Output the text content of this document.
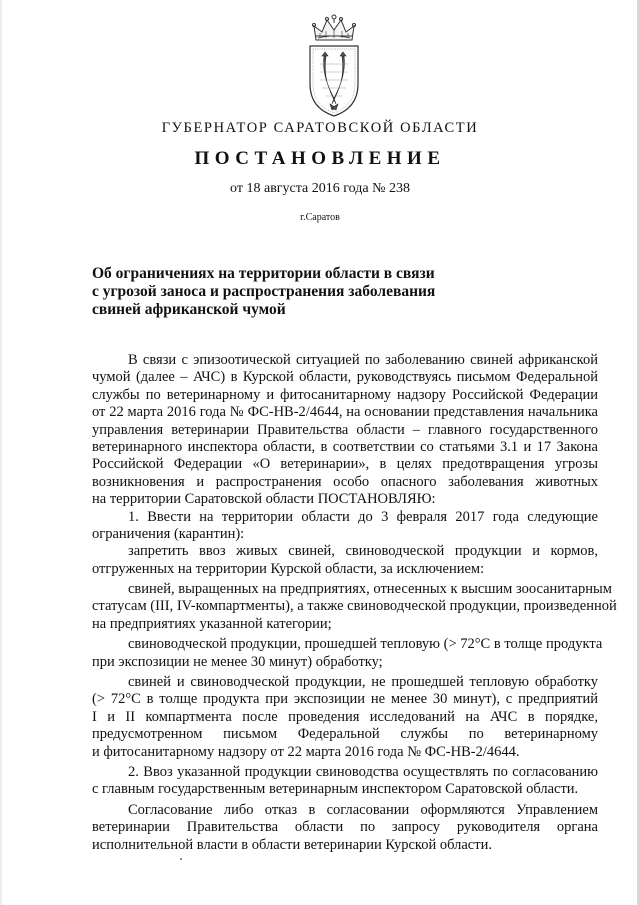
ГУБЕРНАТОР САРАТОВСКОЙ ОБЛАСТИ
ПОСТАНОВЛЕНИЕ
от 18 августа 2016 года № 238
г.Саратов
Об ограничениях на территории области в связи
с угрозой заноса и распространения заболевания
свиней африканской чумой
В связи с эпизоотической ситуацией по заболеванию свиней африканской
чумой (далее – АЧС) в Курской области, руководствуясь письмом Федеральной
службы по ветеринарному и фитосанитарному надзору Российской Федерации
от 22 марта 2016 года № ФС-НВ-2/4644, на основании представления начальника
управления ветеринарии Правительства области – главного государственного
ветеринарного инспектора области, в соответствии со статьями 3.1 и 17 Закона
Российской Федерации «О ветеринарии», в целях предотвращения угрозы
возникновения и распространения особо опасного заболевания животных
на территории Саратовской области ПОСТАНОВЛЯЮ:
1. Ввести на территории области до 3 февраля 2017 года следующие
ограничения (карантин):
запретить ввоз живых свиней, свиноводческой продукции и кормов,
отгруженных на территории Курской области, за исключением:
свиней, выращенных на предприятиях, отнесенных к высшим зоосанитарным
статусам (III, IV-компартменты), а также свиноводческой продукции, произведенной
на предприятиях указанной категории;
свиноводческой продукции, прошедшей тепловую (> 72°С в толще продукта
при экспозиции не менее 30 минут) обработку;
свиней и свиноводческой продукции, не прошедшей тепловую обработку
(> 72°С в толще продукта при экспозиции не менее 30 минут), с предприятий
I и II компартмента после проведения исследований на АЧС в порядке,
предусмотренном письмом Федеральной службы по ветеринарному
и фитосанитарному надзору от 22 марта 2016 года № ФС-НВ-2/4644.
2. Ввоз указанной продукции свиноводства осуществлять по согласованию
с главным государственным ветеринарным инспектором Саратовской области.
Согласование либо отказ в согласовании оформляются Управлением
ветеринарии Правительства области по запросу руководителя органа
исполнительной власти в области ветеринарии Курской области.
